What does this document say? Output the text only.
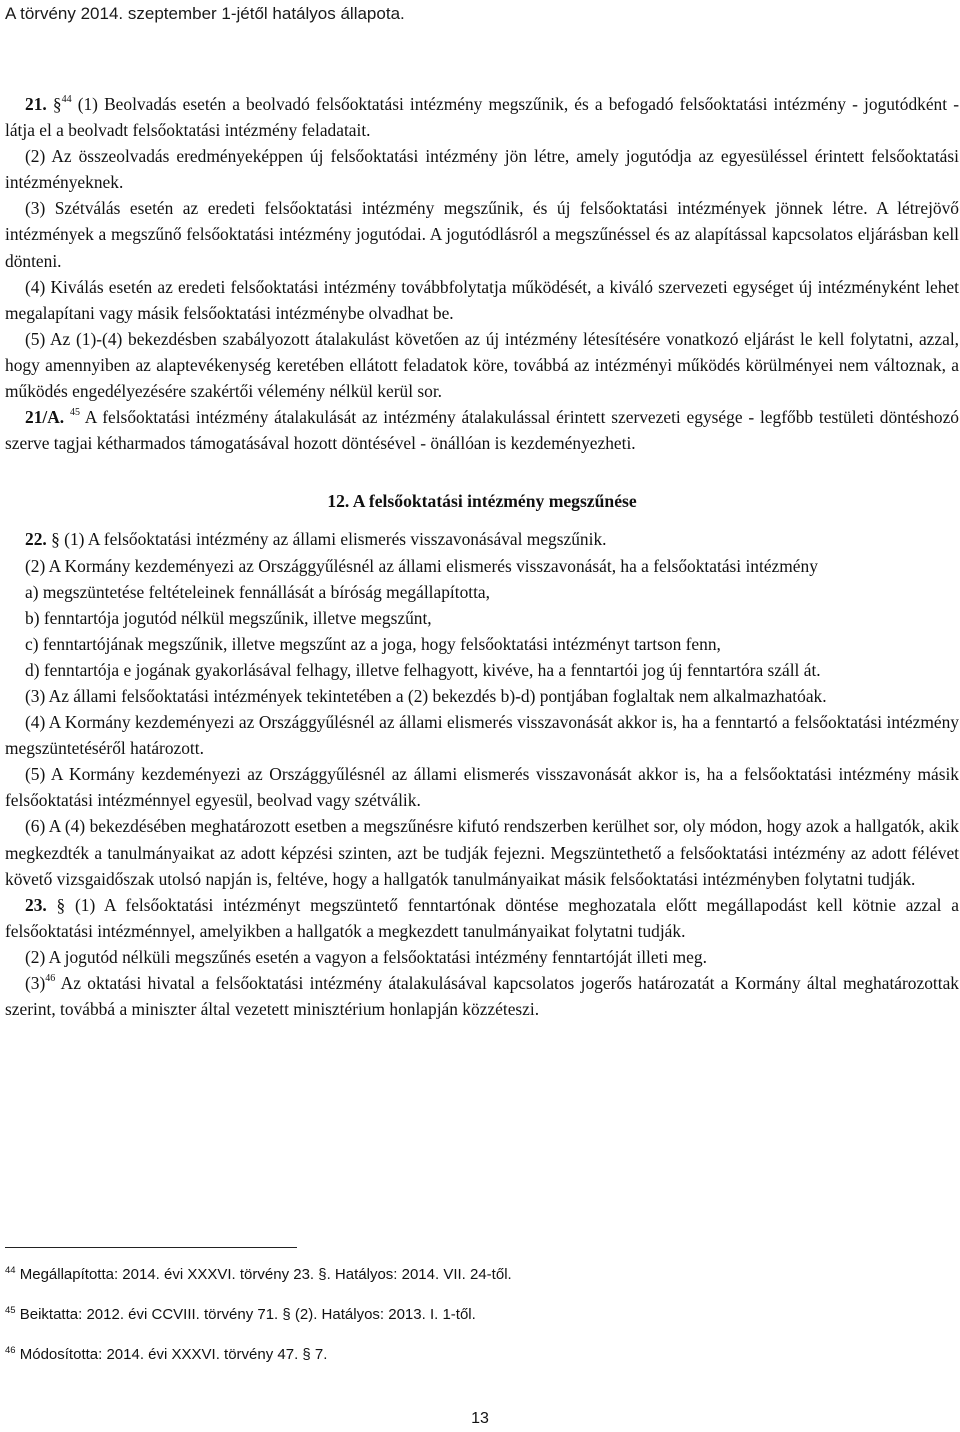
A törvény 2014. szeptember 1-jétől hatályos állapota.

21. §$^{44}$ (1) Beolvadás esetén a beolvadó felsőoktatási intézmény megszűnik, és a befogadó felsőoktatási intézmény - jogutódként - látja el a beolvadt felsőoktatási intézmény feladatait.

(2) Az összeolvadás eredményeképpen új felsőoktatási intézmény jön létre, amely jogutódja az egyesüléssel érintett felsőoktatási intézményeknek.

(3) Szétválás esetén az eredeti felsőoktatási intézmény megszűnik, és új felsőoktatási intézmények jönnek létre. A létrejövő intézmények a megszűnő felsőoktatási intézmény jogutódai. A jogutódlásról a megszűnéssel és az alapítással kapcsolatos eljárásban kell dönteni.

(4) Kiválás esetén az eredeti felsőoktatási intézmény továbbfolytatja működését, a kiváló szervezeti egységet új intézményként lehet megalapítani vagy másik felsőoktatási intézménybe olvadhat be.

(5) Az (1)-(4) bekezdésben szabályozott átalakulást követően az új intézmény létesítésére vonatkozó eljárást le kell folytatni, azzal, hogy amennyiben az alaptevékenység keretében ellátott feladatok köre, továbbá az intézményi működés körülményei nem változnak, a működés engedélyezésére szakértői vélemény nélkül kerül sor.

21/A. $^{45}$ A felsőoktatási intézmény átalakulását az intézmény átalakulással érintett szervezeti egysége - legfőbb testületi döntéshozó szerve tagjai kétharmados támogatásával hozott döntésével - önállóan is kezdeményezheti.

12. A felsőoktatási intézmény megszűnése

22. § (1) A felsőoktatási intézmény az állami elismerés visszavonásával megszűnik.

(2) A Kormány kezdeményezi az Országgyűlésnél az állami elismerés visszavonását, ha a felsőoktatási intézmény

a) megszüntetése feltételeinek fennállását a bíróság megállapította,

b) fenntartója jogutód nélkül megszűnik, illetve megszűnt,

c) fenntartójának megszűnik, illetve megszűnt az a joga, hogy felsőoktatási intézményt tartson fenn,

d) fenntartója e jogának gyakorlásával felhagy, illetve felhagyott, kivéve, ha a fenntartói jog új fenntartóra száll át.

(3) Az állami felsőoktatási intézmények tekintetében a (2) bekezdés b)-d) pontjában foglaltak nem alkalmazhatóak.

(4) A Kormány kezdeményezi az Országgyűlésnél az állami elismerés visszavonását akkor is, ha a fenntartó a felsőoktatási intézmény megszüntetéséről határozott.

(5) A Kormány kezdeményezi az Országgyűlésnél az állami elismerés visszavonását akkor is, ha a felsőoktatási intézmény másik felsőoktatási intézménnyel egyesül, beolvad vagy szétválik.

(6) A (4) bekezdésében meghatározott esetben a megszűnésre kifutó rendszerben kerülhet sor, oly módon, hogy azok a hallgatók, akik megkezdték a tanulmányaikat az adott képzési szinten, azt be tudják fejezni. Megszüntethető a felsőoktatási intézmény az adott félévet követő vizsgaidőszak utolsó napján is, feltéve, hogy a hallgatók tanulmányaikat másik felsőoktatási intézményben folytatni tudják.

23. § (1) A felsőoktatási intézményt megszüntető fenntartónak döntése meghozatala előtt megállapodást kell kötnie azzal a felsőoktatási intézménnyel, amelyikben a hallgatók a megkezdett tanulmányaikat folytatni tudják.

(2) A jogutód nélküli megszűnés esetén a vagyon a felsőoktatási intézmény fenntartóját illeti meg.

$(3)^{46}$ Az oktatási hivatal a felsőoktatási intézmény átalakulásával kapcsolatos jogerős határozatát a Kormány által meghatározottak szerint, továbbá a miniszter által vezetett minisztérium honlapján közzéteszi.

$^{44}$ Megállapította: 2014. évi XXXVI. törvény 23. §. Hatályos: 2014. VII. 24-től.

$^{45}$ Beiktatta: 2012. évi CCVIII. törvény 71. § (2). Hatályos: 2013. I. 1-től.

$^{46}$ Módosította: 2014. évi XXXVI. törvény 47. § 7.

13
